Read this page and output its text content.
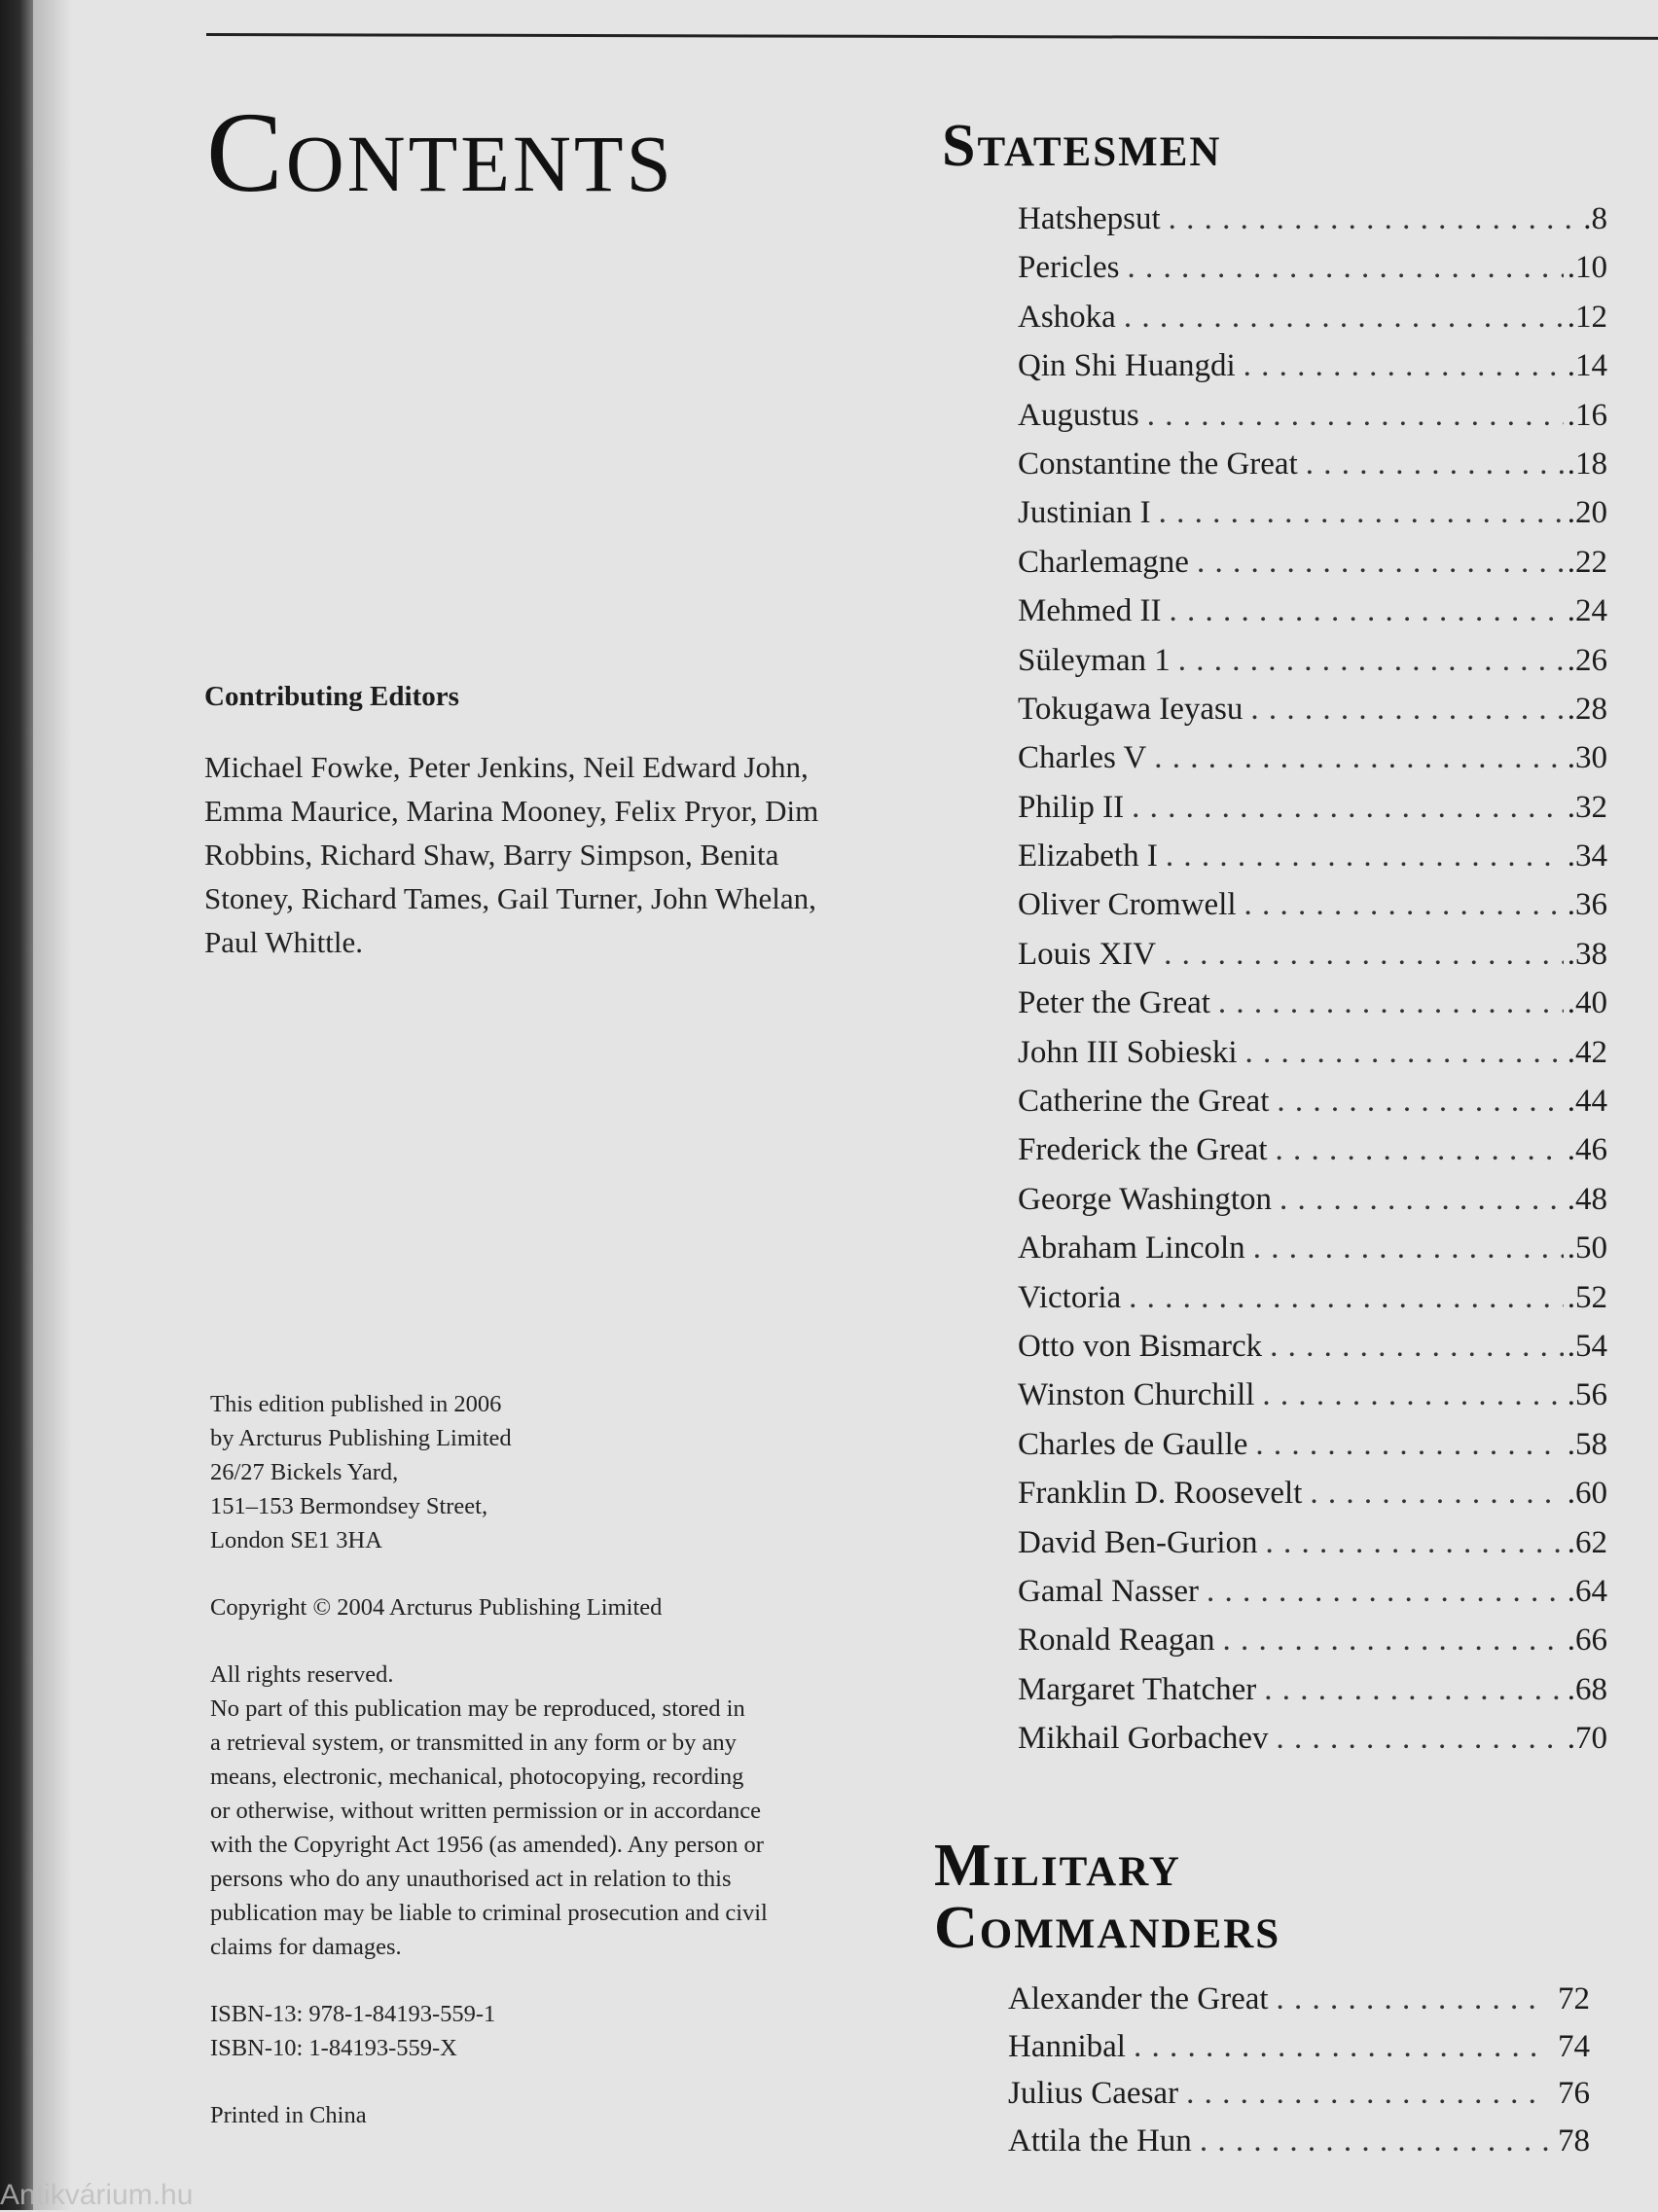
Contents
Contributing Editors
Michael Fowke, Peter Jenkins, Neil Edward John, Emma Maurice, Marina Mooney, Felix Pryor, Dim Robbins, Richard Shaw, Barry Simpson, Benita Stoney, Richard Tames, Gail Turner, John Whelan, Paul Whittle.
This edition published in 2006
by Arcturus Publishing Limited
26/27 Bickels Yard,
151–153 Bermondsey Street,
London SE1 3HA
Copyright © 2004 Arcturus Publishing Limited
All rights reserved.
No part of this publication may be reproduced, stored in
a retrieval system, or transmitted in any form or by any
means, electronic, mechanical, photocopying, recording
or otherwise, without written permission or in accordance
with the Copyright Act 1956 (as amended). Any person or
persons who do any unauthorised act in relation to this
publication may be liable to criminal prosecution and civil
claims for damages.
ISBN-13: 978-1-84193-559-1
ISBN-10: 1-84193-559-X
Printed in China
Statesmen
Hatshepsut . . .	. 8
Pericles . . .	. 10
Ashoka . . .	. 12
Qin Shi Huangdi . . .	. 14
Augustus . . .	. 16
Constantine the Great . . .	. 18
Justinian I . . .	. 20
Charlemagne . . .	. 22
Mehmed II . . .	. 24
Süleyman 1 . . .	. 26
Tokugawa Ieyasu . . .	. 28
Charles V . . .	. 30
Philip II . . .	. 32
Elizabeth I . . .	. 34
Oliver Cromwell . . .	. 36
Louis XIV . . .	. 38
Peter the Great . . .	. 40
John III Sobieski . . .	. 42
Catherine the Great . . .	. 44
Frederick the Great . . .	. 46
George Washington . . .	. 48
Abraham Lincoln . . .	. 50
Victoria . . .	. 52
Otto von Bismarck . . .	. 54
Winston Churchill . . .	. 56
Charles de Gaulle . . .	. 58
Franklin D. Roosevelt . . .	. 60
David Ben-Gurion . . .	. 62
Gamal Nasser . . .	. 64
Ronald Reagan . . .	. 66
Margaret Thatcher . . .	. 68
Mikhail Gorbachev . . .	. 70
Military
Commanders
Alexander the Great . . .	72
Hannibal . . .	74
Julius Caesar . . .	76
Attila the Hun . . .	78
Antikvárium.hu
